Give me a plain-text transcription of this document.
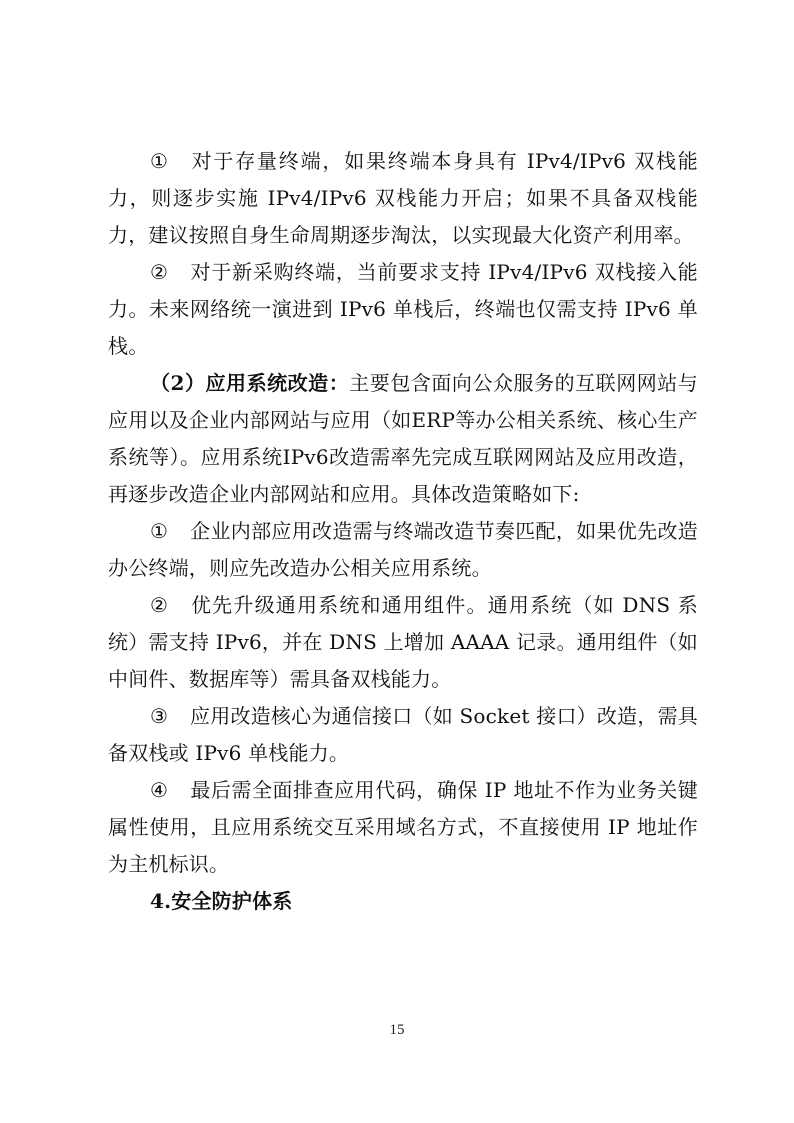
① 对于存量终端，如果终端本身具有 IPv4/IPv6 双栈能力，则逐步实施 IPv4/IPv6 双栈能力开启；如果不具备双栈能力，建议按照自身生命周期逐步淘汰，以实现最大化资产利用率。

② 对于新采购终端，当前要求支持 IPv4/IPv6 双栈接入能力。未来网络统一演进到 IPv6 单栈后，终端也仅需支持 IPv6 单栈。

（2）应用系统改造：主要包含面向公众服务的互联网网站与应用以及企业内部网站与应用（如ERP等办公相关系统、核心生产系统等）。应用系统IPv6改造需率先完成互联网网站及应用改造，再逐步改造企业内部网站和应用。具体改造策略如下:

① 企业内部应用改造需与终端改造节奏匹配，如果优先改造办公终端，则应先改造办公相关应用系统。

② 优先升级通用系统和通用组件。通用系统（如 DNS 系统）需支持 IPv6，并在 DNS 上增加 AAAA 记录。通用组件（如中间件、数据库等）需具备双栈能力。

③ 应用改造核心为通信接口（如 Socket 接口）改造，需具备双栈或 IPv6 单栈能力。

④ 最后需全面排查应用代码，确保 IP 地址不作为业务关键属性使用，且应用系统交互采用域名方式，不直接使用 IP 地址作为主机标识。

4.安全防护体系

15
